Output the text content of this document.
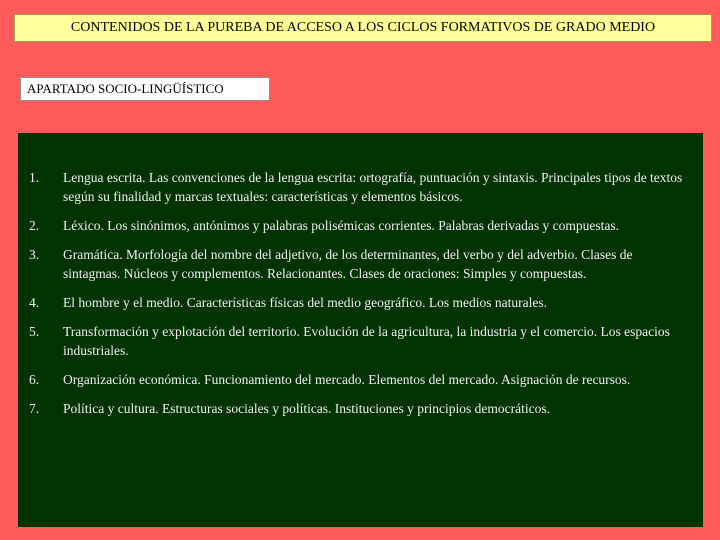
CONTENIDOS DE LA PUREBA DE ACCESO A LOS CICLOS FORMATIVOS DE GRADO MEDIO
APARTADO SOCIO-LINGÜÍSTICO
1.	Lengua escrita. Las convenciones de la lengua escrita: ortografía, puntuación y sintaxis. Principales tipos de textos según su finalidad y marcas textuales: características y elementos básicos.
2.	Léxico. Los sinónimos, antónimos y palabras polisémicas corrientes. Palabras derivadas y compuestas.
3.	Gramática. Morfología del nombre del adjetivo, de los determinantes, del verbo y del adverbio. Clases de sintagmas. Núcleos y complementos. Relacionantes. Clases de oraciones: Simples y compuestas.
4.	El hombre y el medio. Características físicas del medio geográfico. Los medios naturales.
5.	Transformación y explotación del territorio. Evolución de la agricultura, la industria y el comercio. Los espacios industriales.
6.	Organización económica. Funcionamiento del mercado. Elementos del mercado. Asignación de recursos.
7.	Política y cultura. Estructuras sociales y políticas. Instituciones y principios democráticos.
